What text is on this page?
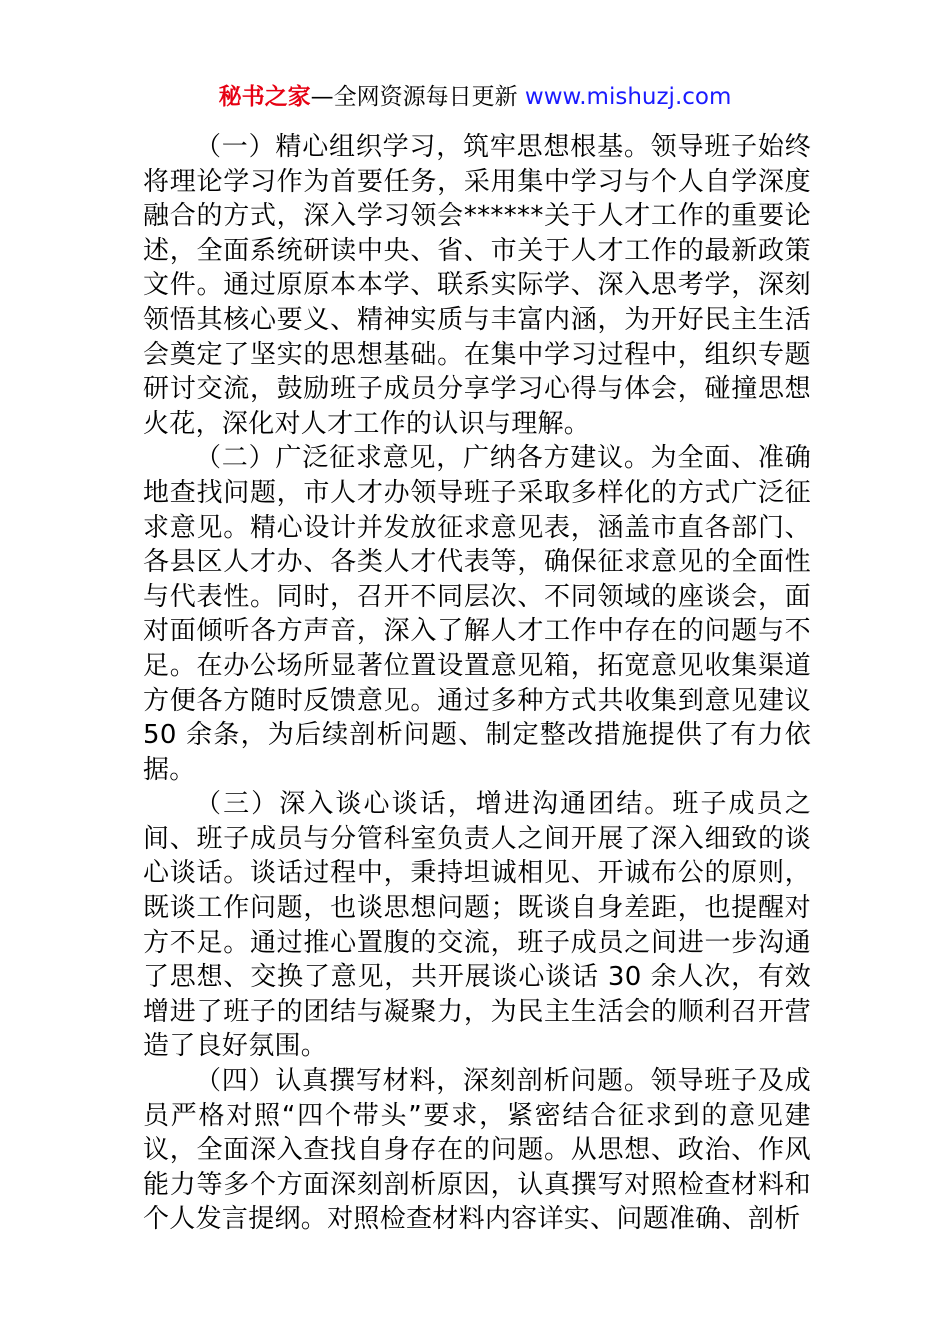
秘书之家—全网资源每日更新 www.mishuzj.com

（一）精心组织学习，筑牢思想根基。领导班子始终将理论学习作为首要任务，采用集中学习与个人自学深度融合的方式，深入学习领会******关于人才工作的重要论述，全面系统研读中央、省、市关于人才工作的最新政策文件。通过原原本本学、联系实际学、深入思考学，深刻领悟其核心要义、精神实质与丰富内涵，为开好民主生活会奠定了坚实的思想基础。在集中学习过程中，组织专题研讨交流，鼓励班子成员分享学习心得与体会，碰撞思想火花，深化对人才工作的认识与理解。

（二）广泛征求意见，广纳各方建议。为全面、准确地查找问题，市人才办领导班子采取多样化的方式广泛征求意见。精心设计并发放征求意见表，涵盖市直各部门、各县区人才办、各类人才代表等，确保征求意见的全面性与代表性。同时，召开不同层次、不同领域的座谈会，面对面倾听各方声音，深入了解人才工作中存在的问题与不足。在办公场所显著位置设置意见箱，拓宽意见收集渠道方便各方随时反馈意见。通过多种方式共收集到意见建议 50 余条，为后续剖析问题、制定整改措施提供了有力依据。

（三）深入谈心谈话，增进沟通团结。班子成员之间、班子成员与分管科室负责人之间开展了深入细致的谈心谈话。谈话过程中，秉持坦诚相见、开诚布公的原则，既谈工作问题，也谈思想问题；既谈自身差距，也提醒对方不足。通过推心置腹的交流，班子成员之间进一步沟通了思想、交换了意见，共开展谈心谈话 30 余人次，有效增进了班子的团结与凝聚力，为民主生活会的顺利召开营造了良好氛围。

（四）认真撰写材料，深刻剖析问题。领导班子及成员严格对照“四个带头”要求，紧密结合征求到的意见建议，全面深入查找自身存在的问题。从思想、政治、作风能力等多个方面深刻剖析原因，认真撰写对照检查材料和个人发言提纲。对照检查材料内容详实、问题准确、剖析
